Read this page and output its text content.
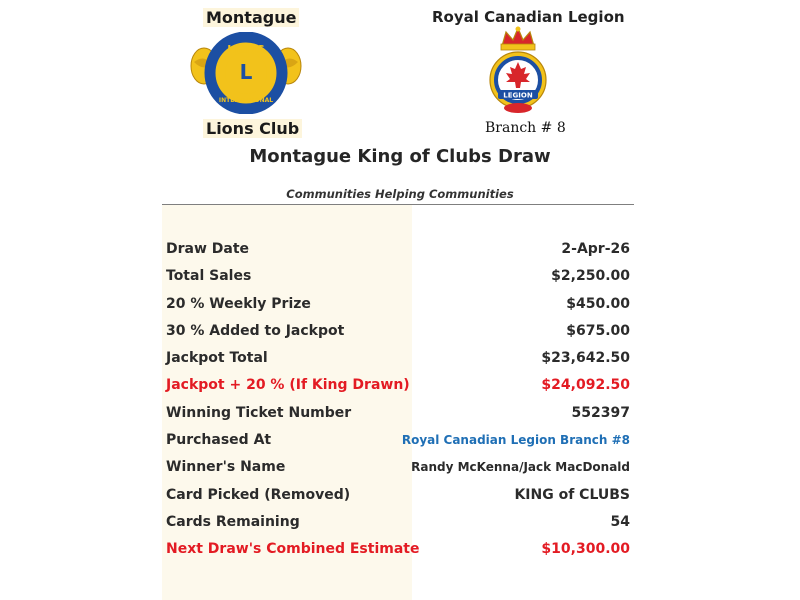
Montague
LIONS
L
INTERNATIONAL
Lions Club
Royal Canadian Legion
LEGION
Branch # 8
Montague King of Clubs Draw
Communities Helping Communities
Draw Date	2-Apr-26
Total Sales	$2,250.00
20 % Weekly Prize	$450.00
30 % Added to Jackpot	$675.00
Jackpot Total	$23,642.50
Jackpot + 20 % (If King Drawn)	$24,092.50
Winning Ticket Number	552397
Purchased At	Royal Canadian Legion Branch #8
Winner's Name	Randy McKenna/Jack MacDonald
Card Picked (Removed)	KING of CLUBS
Cards Remaining	54
Next Draw's Combined Estimate	$10,300.00
